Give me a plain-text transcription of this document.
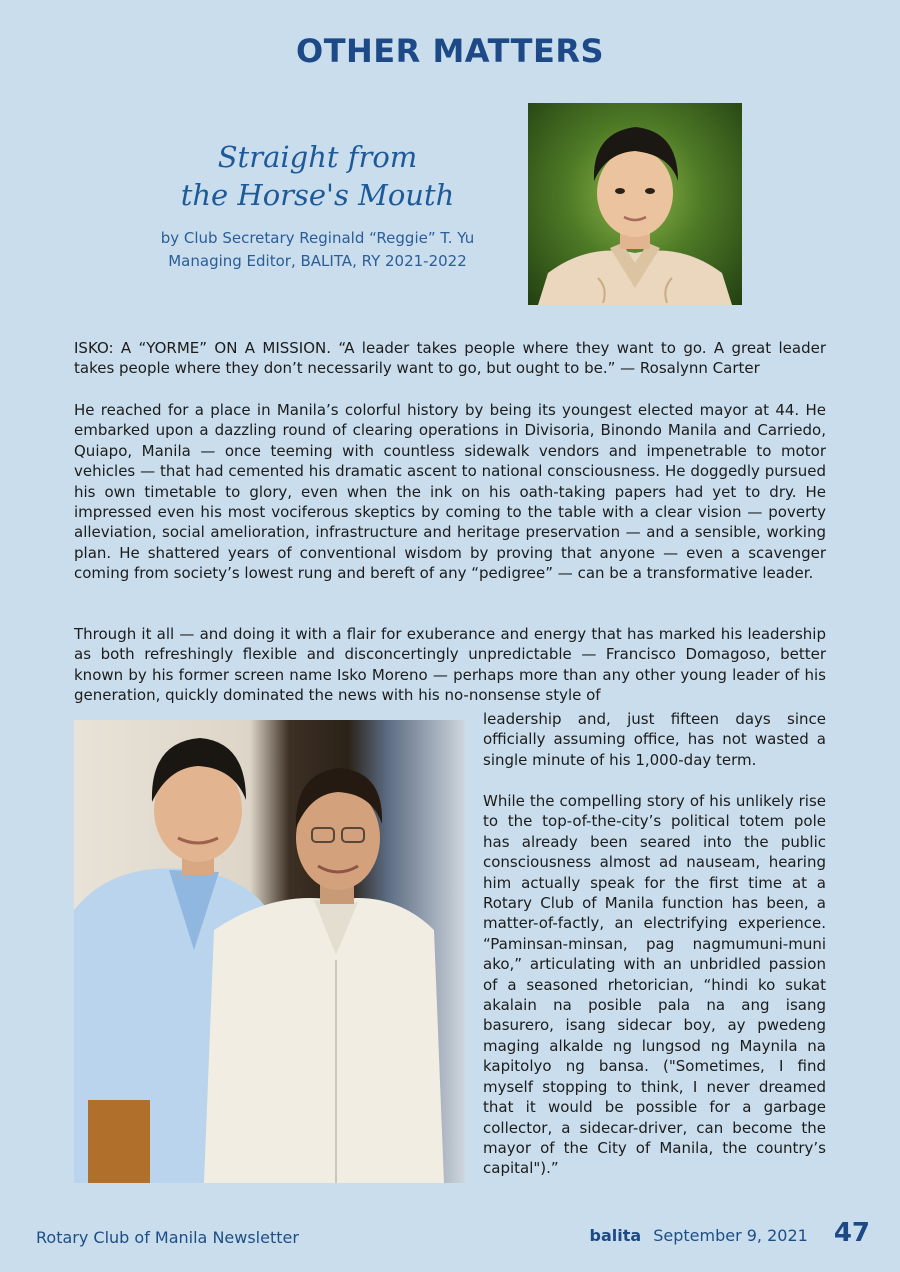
OTHER MATTERS
Straight from
the Horse's Mouth
by Club Secretary Reginald “Reggie” T. Yu
Managing Editor, BALITA, RY 2021-2022

ISKO: A “YORME” ON A MISSION. “A leader takes people where they want to go. A great leader takes people where they don’t necessarily want to go, but ought to be.” — Rosalynn Carter

He reached for a place in Manila’s colorful history by being its youngest elected mayor at 44. He embarked upon a dazzling round of clearing operations in Divisoria, Binondo Manila and Carriedo, Quiapo, Manila — once teeming with countless sidewalk vendors and impenetrable to motor vehicles — that had cemented his dramatic ascent to national consciousness. He doggedly pursued his own timetable to glory, even when the ink on his oath-taking papers had yet to dry. He impressed even his most vociferous skeptics by coming to the table with a clear vision — poverty alleviation, social amelioration, infrastructure and heritage preservation — and a sensible, working plan. He shattered years of conventional wisdom by proving that anyone — even a scavenger coming from society’s lowest rung and bereft of any “pedigree” — can be a transformative leader.

Through it all — and doing it with a flair for exuberance and energy that has marked his leadership as both refreshingly flexible and disconcertingly unpredictable — Francisco Domagoso, better known by his former screen name Isko Moreno — perhaps more than any other young leader of his generation, quickly dominated the news with his no-nonsense style of

leadership and, just fifteen days since officially assuming office, has not wasted a single minute of his 1,000-day term.

While the compelling story of his unlikely rise to the top-of-the-city’s political totem pole has already been seared into the public consciousness almost ad nauseam, hearing him actually speak for the first time at a Rotary Club of Manila function has been, a matter-of-factly, an electrifying experience. “Paminsan-minsan, pag nagmumuni-muni ako,” articulating with an unbridled passion of a seasoned rhetorician, “hindi ko sukat akalain na posible pala na ang isang basurero, isang sidecar boy, ay pwedeng maging alkalde ng lungsod ng Maynila na kapitolyo ng bansa. ("Sometimes, I find myself stopping to think, I never dreamed that it would be possible for a garbage collector, a sidecar-driver, can become the mayor of the City of Manila, the country’s capital").”

Rotary Club of Manila Newsletter	balita September 9, 2021 47
